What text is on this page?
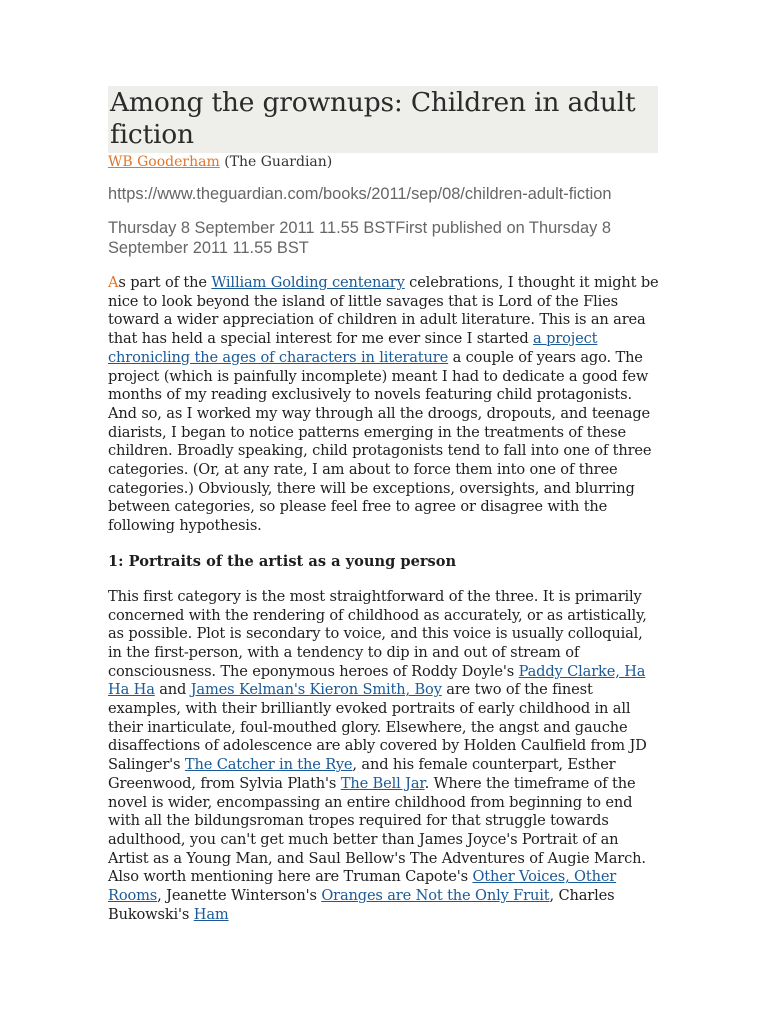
Among the grownups: Children in adult fiction
WB Gooderham (The Guardian)

https://www.theguardian.com/books/2011/sep/08/children-adult-fiction

Thursday 8 September 2011 11.55 BSTFirst published on Thursday 8 September 2011 11.55 BST

As part of the William Golding centenary celebrations, I thought it might be nice to look beyond the island of little savages that is Lord of the Flies toward a wider appreciation of children in adult literature. This is an area that has held a special interest for me ever since I started a project chronicling the ages of characters in literature a couple of years ago. The project (which is painfully incomplete) meant I had to dedicate a good few months of my reading exclusively to novels featuring child protagonists. And so, as I worked my way through all the droogs, dropouts, and teenage diarists, I began to notice patterns emerging in the treatments of these children. Broadly speaking, child protagonists tend to fall into one of three categories. (Or, at any rate, I am about to force them into one of three categories.) Obviously, there will be exceptions, oversights, and blurring between categories, so please feel free to agree or disagree with the following hypothesis.

1: Portraits of the artist as a young person

This first category is the most straightforward of the three. It is primarily concerned with the rendering of childhood as accurately, or as artistically, as possible. Plot is secondary to voice, and this voice is usually colloquial, in the first-person, with a tendency to dip in and out of stream of consciousness. The eponymous heroes of Roddy Doyle's Paddy Clarke, Ha Ha Ha and James Kelman's Kieron Smith, Boy are two of the finest examples, with their brilliantly evoked portraits of early childhood in all their inarticulate, foul-mouthed glory. Elsewhere, the angst and gauche disaffections of adolescence are ably covered by Holden Caulfield from JD Salinger's The Catcher in the Rye, and his female counterpart, Esther Greenwood, from Sylvia Plath's The Bell Jar. Where the timeframe of the novel is wider, encompassing an entire childhood from beginning to end with all the bildungsroman tropes required for that struggle towards adulthood, you can't get much better than James Joyce's Portrait of an Artist as a Young Man, and Saul Bellow's The Adventures of Augie March. Also worth mentioning here are Truman Capote's Other Voices, Other Rooms, Jeanette Winterson's Oranges are Not the Only Fruit, Charles Bukowski's Ham
